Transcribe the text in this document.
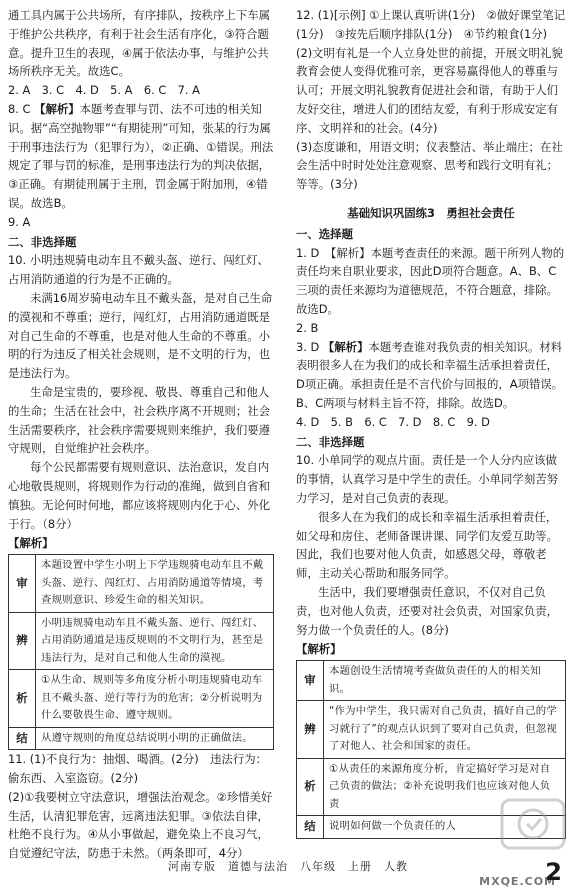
通工具内属于公共场所，有序排队，按秩序上下车属于维护公共秩序，有利于社会生活有序化，③符合题意。提升卫生的表现，④属于依法办事，与维护公共场所秩序无关。故选C。

2. A　3. C　4. D　5. A　6. C　7. A

8. C 【解析】本题考查罪与罚、法不可违的相关知识。据“高空抛物罪”“有期徒刑”可知，张某的行为属于刑事违法行为（犯罪行为），②正确、①错误。刑法规定了罪与罚的标准，是刑事违法行为的判决依据，③正确。有期徒刑属于主刑，罚金属于附加刑，④错误。故选B。

9. A

二、非选择题

10. 小明违规骑电动车且不戴头盔、逆行、闯红灯、占用消防通道的行为是不正确的。

未满16周岁骑电动车且不戴头盔，是对自己生命的漠视和不尊重；逆行，闯红灯，占用消防通道既是对自己生命的不尊重，也是对他人生命的不尊重。小明的行为违反了相关社会规则，是不文明的行为，也是违法行为。

生命是宝贵的，要珍视、敬畏、尊重自己和他人的生命；生活在社会中，社会秩序离不开规则；社会生活需要秩序，社会秩序需要规则来维护，我们要遵守规则，自觉维护社会秩序。

每个公民都需要有规则意识、法治意识，发自内心地敬畏规则，将规则作为行动的准绳，做到自省和慎独。无论何时何地，都应该将规则内化于心、外化于行。（8分）

【解析】

审	本题设置中学生小明上下学违规骑电动车且不戴头盔、逆行、闯红灯、占用消防通道等情境，考查规则意识、珍爱生命的相关知识。
辨	小明违规骑电动车且不戴头盔、逆行、闯红灯、占用消防通道是违反规则的不文明行为，甚至是违法行为，是对自己和他人生命的漠视。
析	①从生命、规则等多角度分析小明违规骑电动车且不戴头盔、逆行等行为的危害；②分析说明为什么要敬畏生命、遵守规则。
结	从遵守规则的角度总结说明小明的正确做法。

11. (1)不良行为：抽烟、喝酒。(2分)　违法行为：偷东西、入室盗窃。(2分)

(2)①我要树立守法意识，增强法治观念。②珍惜美好生活，认清犯罪危害，远离违法犯罪。③依法自律，杜绝不良行为。④从小事做起，避免染上不良习气，自觉遵纪守法，防患于未然。（两条即可，4分）

12. (1)[示例] ①上课认真听讲(1分)　②做好课堂笔记(1分)　③按先后顺序排队(1分)　④节约粮食(1分)

(2)文明有礼是一个人立身处世的前提，开展文明礼貌教育会使人变得优雅可亲，更容易赢得他人的尊重与认可；开展文明礼貌教育促进社会和谐，有助于人们友好交往，增进人们的团结友爱，有利于形成安定有序、文明祥和的社会。(4分)

(3)态度谦和，用语文明；仪表整洁、举止端庄；在社会生活中时时处处注意观察、思考和践行文明有礼；等等。(3分)

基础知识巩固练3　勇担社会责任

一、选择题

1. D　【解析】本题考查责任的来源。题干所列人物的责任均来自职业要求，因此D项符合题意。A、B、C三项的责任来源均为道德规范，不符合题意，排除。故选D。

2. B

3. D 【解析】本题考查谁对我负责的相关知识。材料表明很多人在为我们的成长和幸福生活承担着责任，D项正确。承担责任是不言代价与回报的，A项错误。B、C两项与材料主旨不符，排除。故选D。

4. D　5. B　6. C　7. D　8. C　9. D

二、非选择题

10. 小单同学的观点片面。责任是一个人分内应该做的事情，认真学习是中学生的责任。小单同学刻苦努力学习，是对自己负责的表现。

很多人在为我们的成长和幸福生活承担着责任，如父母和房住、老师备课讲课、同学们友爱互助等。因此，我们也要对他人负责，如感恩父母，尊敬老师，主动关心帮助和服务同学。

生活中，我们要增强责任意识，不仅对自己负责，也对他人负责，还要对社会负责，对国家负责，努力做一个负责任的人。(8分)

【解析】

审	本题创设生活情境考查做负责任的人的相关知识。
辨	“作为中学生，我只需对自己负责，搞好自己的学习就行了”的观点认识到了要对自己负责，但忽视了对他人、社会和国家的责任。
析	①从责任的来源角度分析，肯定搞好学习是对自己负责的做法；②补充说明我们也应该对他人负责
结	说明如何做一个负责任的人
MXQE.COM
河南专版　道德与法治　八年级　上册　人教	2
